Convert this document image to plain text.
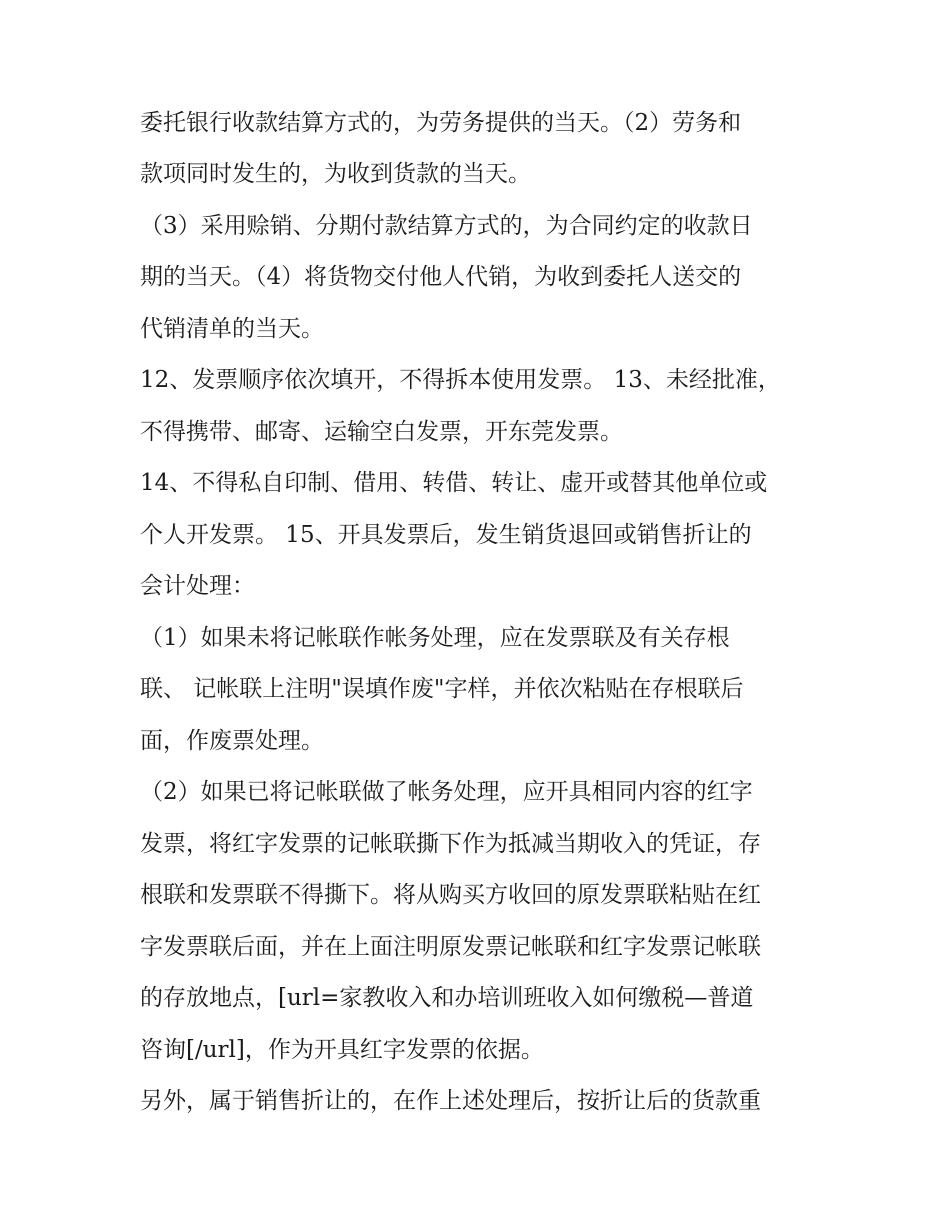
委托银行收款结算方式的，为劳务提供的当天。（2）劳务和
款项同时发生的，为收到货款的当天。
（3）采用赊销、分期付款结算方式的，为合同约定的收款日
期的当天。（4）将货物交付他人代销，为收到委托人送交的
代销清单的当天。
12、发票顺序依次填开，不得拆本使用发票。 13、未经批准，
不得携带、邮寄、运输空白发票，开东莞发票。
14、不得私自印制、借用、转借、转让、虚开或替其他单位或
个人开发票。 15、开具发票后，发生销货退回或销售折让的
会计处理：
（1）如果未将记帐联作帐务处理，应在发票联及有关存根
联、 记帐联上注明"误填作废"字样，并依次粘贴在存根联后
面，作废票处理。
（2）如果已将记帐联做了帐务处理，应开具相同内容的红字
发票，将红字发票的记帐联撕下作为抵减当期收入的凭证，存
根联和发票联不得撕下。将从购买方收回的原发票联粘贴在红
字发票联后面，并在上面注明原发票记帐联和红字发票记帐联
的存放地点，[url=家教收入和办培训班收入如何缴税—普道
咨询[/url]，作为开具红字发票的依据。
另外，属于销售折让的，在作上述处理后，按折让后的货款重
